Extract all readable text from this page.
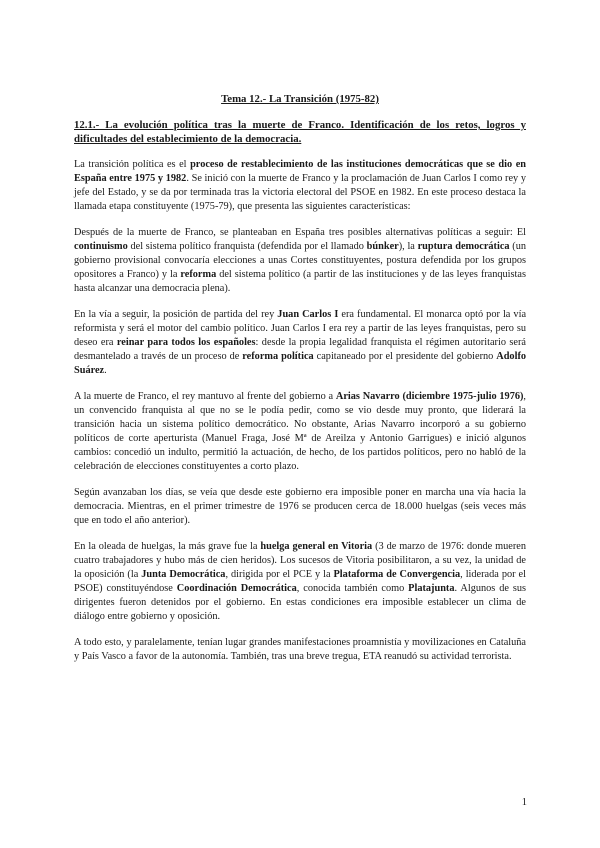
Tema 12.- La Transición (1975-82)
12.1.- La evolución política tras la muerte de Franco. Identificación de los retos, logros y dificultades del establecimiento de la democracia.

La transición política es el proceso de restablecimiento de las instituciones democráticas que se dio en España entre 1975 y 1982. Se inició con la muerte de Franco y la proclamación de Juan Carlos I como rey y jefe del Estado, y se da por terminada tras la victoria electoral del PSOE en 1982. En este proceso destaca la llamada etapa constituyente (1975-79), que presenta las siguientes características:

Después de la muerte de Franco, se planteaban en España tres posibles alternativas políticas a seguir: El continuismo del sistema político franquista (defendida por el llamado búnker), la ruptura democrática (un gobierno provisional convocaría elecciones a unas Cortes constituyentes, postura defendida por los grupos opositores a Franco) y la reforma del sistema político (a partir de las instituciones y de las leyes franquistas hasta alcanzar una democracia plena).

En la vía a seguir, la posición de partida del rey Juan Carlos I era fundamental. El monarca optó por la vía reformista y será el motor del cambio político. Juan Carlos I era rey a partir de las leyes franquistas, pero su deseo era reinar para todos los españoles: desde la propia legalidad franquista el régimen autoritario será desmantelado a través de un proceso de reforma política capitaneado por el presidente del gobierno Adolfo Suárez.

A la muerte de Franco, el rey mantuvo al frente del gobierno a Arias Navarro (diciembre 1975-julio 1976), un convencido franquista al que no se le podía pedir, como se vio desde muy pronto, que liderará la transición hacia un sistema político democrático. No obstante, Arias Navarro incorporó a su gobierno políticos de corte aperturista (Manuel Fraga, José Mª de Areilza y Antonio Garrigues) e inició algunos cambios: concedió un indulto, permitió la actuación, de hecho, de los partidos políticos, pero no habló de la celebración de elecciones constituyentes a corto plazo.

Según avanzaban los días, se veía que desde este gobierno era imposible poner en marcha una vía hacia la democracia. Mientras, en el primer trimestre de 1976 se producen cerca de 18.000 huelgas (seis veces más que en todo el año anterior).

En la oleada de huelgas, la más grave fue la huelga general en Vitoria (3 de marzo de 1976: donde mueren cuatro trabajadores y hubo más de cien heridos). Los sucesos de Vitoria posibilitaron, a su vez, la unidad de la oposición (la Junta Democrática, dirigida por el PCE y la Plataforma de Convergencia, liderada por el PSOE) constituyéndose Coordinación Democrática, conocida también como Platajunta. Algunos de sus dirigentes fueron detenidos por el gobierno. En estas condiciones era imposible establecer un clima de diálogo entre gobierno y oposición.

A todo esto, y paralelamente, tenían lugar grandes manifestaciones proamnistía y movilizaciones en Cataluña y País Vasco a favor de la autonomía. También, tras una breve tregua, ETA reanudó su actividad terrorista.

1
